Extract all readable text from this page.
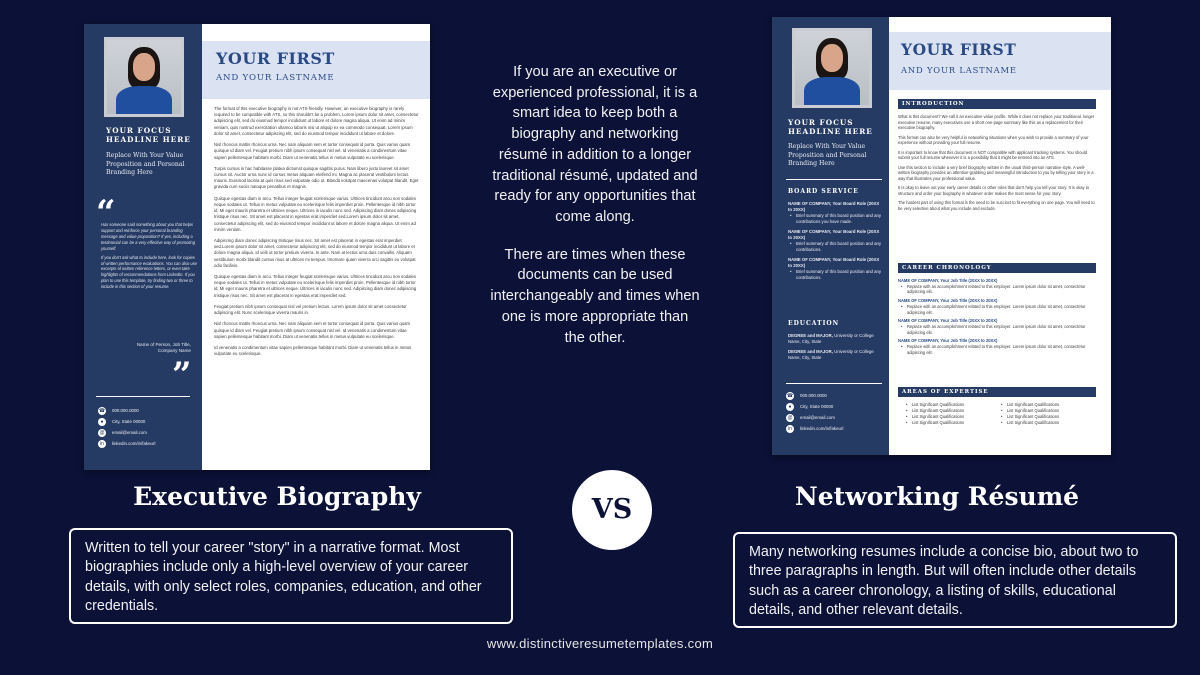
YOUR FOCUS HEADLINE HERE
Replace With Your Value Proposition and Personal Branding Here
“

Has someone said something about you that helps support and reinforce your personal branding message and value proposition? If yes, including a testimonial can be a very effective way of promoting yourself.

If you don't ask what to include here, look for copies of written performance evaluations. You can also use excerpts of written reference letters, or even take highlights of recommendations from LinkedIn. If you plan to use this template, try finding two or three to include in this section of your resume.

Name of Person, Job Title,
Company Name
”
☎ 000.000.0000
●	City, State 00000
@	email@email.com
in	linkedin.com/in/fakeurl
YOUR FIRST
AND YOUR LASTNAME

The format of this executive biography is not ATS-friendly. However, an executive biography is rarely required to be compatible with ATS, so this shouldn't be a problem. Lorem ipsum dolor sit amet, consectetur adipiscing elit, sed do eiusmod tempor incididunt ut labore et dolore magna aliqua. Ut enim ad minim veniam, quis nostrud exercitation ullamco laboris nisi ut aliquip ex ea commodo consequat. Lorem ipsum dolor sit amet, consectetur adipiscing elit, sed do eiusmod tempor incididunt ut labore et dolore.

Nisl rhoncus mattis rhoncus urna. Nec nam aliquam sem et tortor consequat id porta. Quis varius quam quisque id diam vel. Feugiat pretium nibh ipsum consequat nisl vel. Id venenatis a condimentum vitae sapien pellentesque habitant morbi. Diam ut venenatis tellus in metus vulputate eu scelerisque.

Turpis cursus in hac habitasse platea dictumst quisque sagittis purus. Nam libero justo laoreet sit amet cursus sit. Auctor urna nunc id cursus metus aliquam eleifend mi. Magna ac placerat vestibulum lectus mauris. Euismod lacinia at quis risus sed vulputate odio ut. Blandit volutpat maecenas volutpat blandit. Eget gravida cum sociis natoque penatibus et magnis.

Quisque egestas diam in arcu. Tellus integer feugiat scelerisque varius. Ultrices tincidunt arcu non sodales neque sodales ut. Tellus in metus vulputate eu scelerisque felis imperdiet proin. Pellentesque id nibh tortor id. Mi eget mauris pharetra et ultrices neque. Ultrices in iaculis nunc sed. Adipiscing diam donec adipiscing tristique risus nec. Sit amet est placerat in egestas erat imperdiet sed.Lorem ipsum dolor sit amet, consectetur adipiscing elit, sed do eiusmod tempor incididunt ut labore et dolore magna aliqua. Ut enim ad minim veniam.

Adipiscing diam donec adipiscing tristique risus nec. Sit amet est placerat in egestas erat imperdiet sed.Lorem ipsum dolor sit amet, consectetur adipiscing elit, sed do eiusmod tempor incididunt ut labore et dolore magna aliqua. Id velit ut tortor pretium viverra. In ante. Nam at lectus urna duis convallis. Aliquam vestibulum morbi blandit cursus risus at ultrices mi tempus. Imornare quam viverra orci sagittis eu volutpat odio facilisis.

Quisque egestas diam in arcu. Tellus integer feugiat scelerisque varius. Ultrices tincidunt arcu non sodales neque sodales ut. Tellus in metus vulputate eu scelerisque felis imperdiet proin. Pellentesque id nibh tortor id. Mi eget mauris pharetra et ultrices neque. Ultrices in iaculis nunc sed. Adipiscing diam donec adipiscing tristique risus nec. Sit amet est placerat in egestas erat imperdiet sed.

Feugiat pretium nibh ipsum consequat nisl vel pretium lectus. Lorem ipsum dolor sit amet consectetur adipiscing elit. Nunc scelerisque viverra mauris in.

Nisl rhoncus mattis rhoncus urna. Nec nam aliquam sem et tortor consequat id porta. Quis varius quam quisque id diam vel. Feugiat pretium nibh ipsum consequat nisl vel. Id venenatis a condimentum vitae sapien pellentesque habitant morbi. Diam ut venenatis tellus in metus vulputate eu scelerisque.

Id venenatis a condimentum vitae sapien pellentesque habitant morbi. Diam ut venenatis tellus in metus vulputate eu scelerisque.

If you are an executive or experienced professional, it is a smart idea to keep both a biography and networking résumé in addition to a longer traditional résumé, updated and ready for any opportunities that come along.

There are times when these documents can be used interchangeably and times when one is more appropriate than the other.

YOUR FOCUS HEADLINE HERE
Replace With Your Value Proposition and Personal Branding Here
BOARD SERVICE
NAME OF COMPANY, Your Board Role (20XX to 20XX)
• Brief summary of this board position and any contributions you have made.
NAME OF COMPANY, Your Board Role (20XX to 20XX)
• Brief summary of this board position and any contributions.
NAME OF COMPANY, Your Board Role (20XX to 20XX)
• Brief summary of this board position and any contributions.
EDUCATION
DEGREE and MAJOR, University or College Name, City, State
DEGREE and MAJOR, University or College Name, City, State
☎ 000.000.0000
●	City, State 00000
@	email@email.com
in	linkedin.com/in/fakeurl
YOUR FIRST
AND YOUR LASTNAME
INTRODUCTION

What is this document? We call it an executive value profile. While it does not replace your traditional, longer executive resume, many executives use a short one-page summary like this as a replacement for their executive biography.

This format can also be very helpful in networking situations when you wish to provide a summary of your experience without providing your full resume.

It is important to know that this document is NOT compatible with applicant tracking systems. You should submit your full resume whenever it is a possibility that it might be entered into an ATS.

Use this section to include a very brief biography written in the usual third-person narrative style. A well-written biography provides an attention-grabbing and meaningful introduction to you by telling your story in a way that illustrates your professional value.

It is okay to leave out your early career details or other roles that don't help you tell your story. It is okay to structure and order your biography in whatever order makes the most sense for your story.

The hardest part of using this format is the need to be succinct to fit everything on one page. You will need to be very selective about what you include and exclude.

CAREER CHRONOLOGY
NAME OF COMPANY, Your Job Title (20XX to 20XX)
• Replace with an accomplishment related to this employer. Lorem ipsum dolor sit amet, consectetur adipiscing elit.
NAME OF COMPANY, Your Job Title (20XX to 20XX)
• Replace with an accomplishment related to this employer. Lorem ipsum dolor sit amet, consectetur adipiscing elit.
NAME OF COMPANY, Your Job Title (20XX to 20XX)
• Replace with an accomplishment related to this employer. Lorem ipsum dolor sit amet, consectetur adipiscing elit.
NAME OF COMPANY, Your Job Title (20XX to 20XX)
• Replace with an accomplishment related to this employer. Lorem ipsum dolor sit amet, consectetur adipiscing elit.
AREAS OF EXPERTISE
• List Significant Qualifications	• List Significant Qualifications
• List Significant Qualifications	• List Significant Qualifications
• List Significant Qualifications	• List Significant Qualifications
• List Significant Qualifications	• List Significant Qualifications
Executive Biography	VS	Networking Résumé
Written to tell your career "story" in a narrative format. Most biographies include only a high-level overview of your career details, with only select roles, companies, education, and other credentials.
Many networking resumes include a concise bio, about two to three paragraphs in length. But will often include other details such as a career chronology, a listing of skills, educational details, and other relevant details.
www.distinctiveresumetemplates.com
